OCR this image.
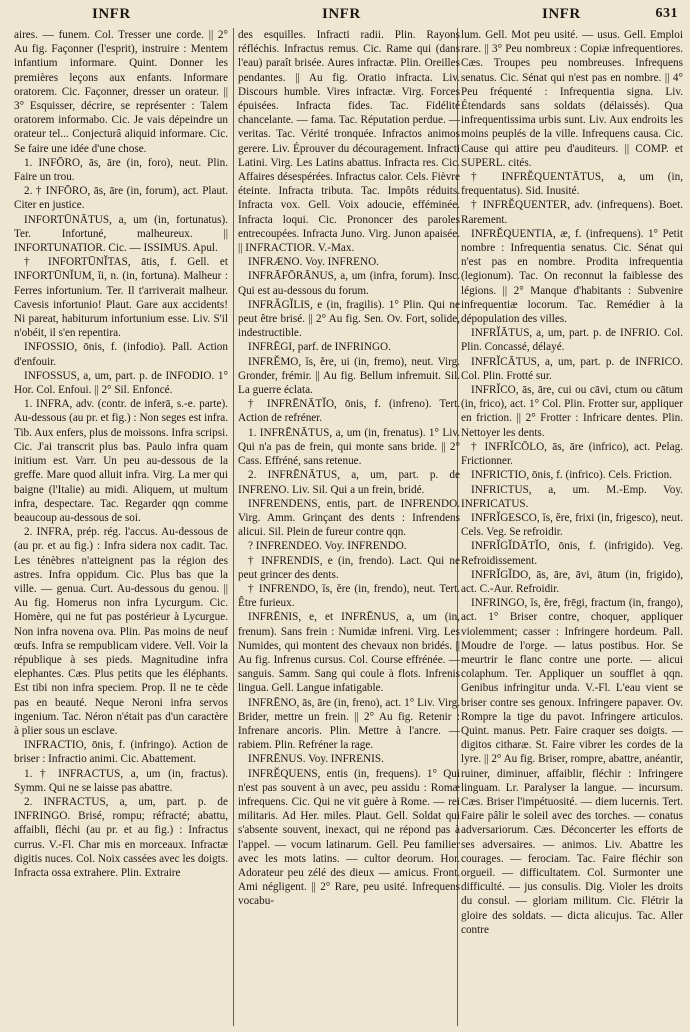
INFR	INFR	INFR	631

aires. — funem. Col. Tresser une corde. || 2° Au fig. Façonner (l'esprit), instruire : Mentem infantium informare. Quint. Donner les premières leçons aux enfants. Informare oratorem. Cic. Façonner, dresser un orateur. || 3° Esquisser, décrire, se représenter : Talem oratorem informabo. Cic. Je vais dépeindre un orateur tel... Conjecturâ aliquid informare. Cic. Se faire une idée d'une chose.

1. INFŌRO, ās, āre (in, foro), neut. Plin. Faire un trou.

2. † INFŌRO, ās, āre (in, forum), act. Plaut. Citer en justice.

INFORTŪNĀTUS, a, um (in, fortunatus). Ter. Infortuné, malheureux. || INFORTUNATIOR. Cic. — ISSIMUS. Apul.

† INFORTŪNĬTAS, ātis, f. Gell. et INFORTŪNĬUM, ĭi, n. (in, fortuna). Malheur : Ferres infortunium. Ter. Il t'arriverait malheur. Cavesis infortunio! Plaut. Gare aux accidents! Ni pareat, habiturum infortunium esse. Liv. S'il n'obéit, il s'en repentira.

INFOSSIO, ōnis, f. (infodio). Pall. Action d'enfouir.

INFOSSUS, a, um, part. p. de INFODIO. 1° Hor. Col. Enfoui. || 2° Sil. Enfoncé.

1. INFRA, adv. (contr. de inferā, s.-e. parte). Au-dessous (au pr. et fig.) : Non seges est infra. Tib. Aux enfers, plus de moissons. Infra scripsi. Cic. J'ai transcrit plus bas. Paulo infra quam initium est. Varr. Un peu au-dessous de la greffe. Mare quod alluit infra. Virg. La mer qui baigne (l'Italie) au midi. Aliquem, ut multum infra, despectare. Tac. Regarder qqn comme beaucoup au-dessous de soi.

2. INFRA, prép. rég. l'accus. Au-dessous de (au pr. et au fig.) : Infra sidera nox cadit. Tac. Les ténèbres n'atteignent pas la région des astres. Infra oppidum. Cic. Plus bas que la ville. — genua. Curt. Au-dessous du genou. || Au fig. Homerus non infra Lycurgum. Cic. Homère, qui ne fut pas postérieur à Lycurgue. Non infra novena ova. Plin. Pas moins de neuf œufs. Infra se rempublicam videre. Vell. Voir la république à ses pieds. Magnitudine infra elephantes. Cæs. Plus petits que les éléphants. Est tibi non infra speciem. Prop. Il ne te cède pas en beauté. Neque Neroni infra servos ingenium. Tac. Néron n'était pas d'un caractère à plier sous un esclave.

INFRACTIO, ōnis, f. (infringo). Action de briser : Infractio animi. Cic. Abattement.

1. † INFRACTUS, a, um (in, fractus). Symm. Qui ne se laisse pas abattre.

2. INFRACTUS, a, um, part. p. de INFRINGO. Brisé, rompu; réfracté; abattu, affaibli, fléchi (au pr. et au fig.) : Infractus currus. V.-Fl. Char mis en morceaux. Infractæ digitis nuces. Col. Noix cassées avec les doigts. Infracta ossa extrahere. Plin. Extraire

des esquilles. Infracti radii. Plin. Rayons réfléchis. Infractus remus. Cic. Rame qui (dans l'eau) paraît brisée. Aures infractæ. Plin. Oreilles pendantes. || Au fig. Oratio infracta. Liv. Discours humble. Vires infractæ. Virg. Forces épuisées. Infracta fides. Tac. Fidélité chancelante. — fama. Tac. Réputation perdue. — veritas. Tac. Vérité tronquée. Infractos animos gerere. Liv. Éprouver du découragement. Infracti Latini. Virg. Les Latins abattus. Infracta res. Cic. Affaires désespérées. Infractus calor. Cels. Fièvre éteinte. Infracta tributa. Tac. Impôts réduits. Infracta vox. Gell. Voix adoucie, efféminée. Infracta loqui. Cic. Prononcer des paroles entrecoupées. Infracta Juno. Virg. Junon apaisée. || INFRACTIOR. V.-Max.

INFRÆNO. Voy. INFRENO.

INFRĀFŌRĀNUS, a, um (infra, forum). Insc. Qui est au-dessous du forum.

INFRĂGĬLIS, e (in, fragilis). 1° Plin. Qui ne peut être brisé. || 2° Au fig. Sen. Ov. Fort, solide, indestructible.

INFRĒGI, parf. de INFRINGO.

INFRĔMO, ĭs, ĕre, ui (in, fremo), neut. Virg. Gronder, frémir. || Au fig. Bellum infremuit. Sil. La guerre éclata.

† INFRĒNĀTĬO, ōnis, f. (infreno). Tert. Action de refréner.

1. INFRĒNĀTUS, a, um (in, frenatus). 1° Liv. Qui n'a pas de frein, qui monte sans bride. || 2° Cass. Effréné, sans retenue.

2. INFRĒNĀTUS, a, um, part. p. de INFRENO. Liv. Sil. Qui a un frein, bridé.

INFRENDENS, entis, part. de INFRENDO. Virg. Amm. Grinçant des dents : Infrendens alicui. Sil. Plein de fureur contre qqn.

? INFRENDEO. Voy. INFRENDO.

† INFRENDIS, e (in, frendo). Lact. Qui ne peut grincer des dents.

† INFRENDO, ĭs, ĕre (in, frendo), neut. Tert. Être furieux.

INFRĒNIS, e, et INFRĒNUS, a, um (in, frenum). Sans frein : Numidæ infreni. Virg. Les Numides, qui montent des chevaux non bridés. || Au fig. Infrenus cursus. Col. Course effrénée. — sanguis. Samm. Sang qui coule à flots. Infrenis lingua. Gell. Langue infatigable.

INFRĒNO, ās, āre (in, freno), act. 1° Liv. Virg. Brider, mettre un frein. || 2° Au fig. Retenir : Infrenare ancoris. Plin. Mettre à l'ancre. — rabiem. Plin. Refréner la rage.

INFRĒNUS. Voy. INFRENIS.

INFRĔQUENS, entis (in, frequens). 1° Qui n'est pas souvent à un avec, peu assidu : Romæ infrequens. Cic. Qui ne vit guère à Rome. — rei militaris. Ad Her. miles. Plaut. Gell. Soldat qui s'absente souvent, inexact, qui ne répond pas à l'appel. — vocum latinarum. Gell. Peu familier avec les mots latins. — cultor deorum. Hor. Adorateur peu zélé des dieux — amicus. Front. Ami négligent. || 2° Rare, peu usité. Infrequens vocabu-

lum. Gell. Mot peu usité. — usus. Gell. Emploi rare. || 3° Peu nombreux : Copiæ infrequentiores. Cæs. Troupes peu nombreuses. Infrequens senatus. Cic. Sénat qui n'est pas en nombre. || 4° Peu fréquenté : Infrequentia signa. Liv. Étendards sans soldats (délaissés). Qua infrequentissima urbis sunt. Liv. Aux endroits les moins peuplés de la ville. Infrequens causa. Cic. Cause qui attire peu d'auditeurs. || COMP. et SUPERL. cités.

† INFRĔQUENTĀTUS, a, um (in, frequentatus). Sid. Inusité.

† INFRĔQUENTER, adv. (infrequens). Boet. Rarement.

INFRĔQUENTIA, æ, f. (infrequens). 1° Petit nombre : Infrequentia senatus. Cic. Sénat qui n'est pas en nombre. Prodita infrequentia (legionum). Tac. On reconnut la faiblesse des légions. || 2° Manque d'habitants : Subvenire infrequentiæ locorum. Tac. Remédier à la dépopulation des villes.

INFRĬĀTUS, a, um, part. p. de INFRIO. Col. Plin. Concassé, délayé.

INFRĬCĀTUS, a, um, part. p. de INFRICO. Col. Plin. Frotté sur.

INFRĬCO, ās, āre, cui ou cāvi, ctum ou cātum (in, frico), act. 1° Col. Plin. Frotter sur, appliquer en friction. || 2° Frotter : Infricare dentes. Plin. Nettoyer les dents.

† INFRĬCŌLO, ās, āre (infrico), act. Pelag. Frictionner.

INFRICTIO, ōnis, f. (infrico). Cels. Friction.

INFRICTUS, a, um. M.-Emp. Voy. INFRICATUS.

INFRĬGESCO, ĭs, ĕre, frixi (in, frigesco), neut. Cels. Veg. Se refroidir.

INFRĬGĬDĀTĬO, ōnis, f. (infrigido). Veg. Refroidissement.

INFRĬGĬDO, ās, āre, āvi, ātum (in, frigido), act. C.-Aur. Refroidir.

INFRINGO, ĭs, ĕre, frēgi, fractum (in, frango), act. 1° Briser contre, choquer, appliquer violemment; casser : Infringere hordeum. Pall. Moudre de l'orge. — latus postibus. Hor. Se meurtrir le flanc contre une porte. — alicui colaphum. Ter. Appliquer un soufflet à qqn. Genibus infringitur unda. V.-Fl. L'eau vient se briser contre ses genoux. Infringere papaver. Ov. Rompre la tige du pavot. Infringere articulos. Quint. manus. Petr. Faire craquer ses doigts. — digitos citharæ. St. Faire vibrer les cordes de la lyre. || 2° Au fig. Briser, rompre, abattre, anéantir, ruiner, diminuer, affaiblir, fléchir : Infringere linguam. Lr. Paralyser la langue. — incursum. Cæs. Briser l'impétuosité. — diem lucernis. Tert. Faire pâlir le soleil avec des torches. — conatus adversariorum. Cæs. Déconcerter les efforts de ses adversaires. — animos. Liv. Abattre les courages. — ferociam. Tac. Faire fléchir son orgueil. — difficultatem. Col. Surmonter une difficulté. — jus consulis. Dig. Violer les droits du consul. — gloriam militum. Cic. Flétrir la gloire des soldats. — dicta alicujus. Tac. Aller contre
